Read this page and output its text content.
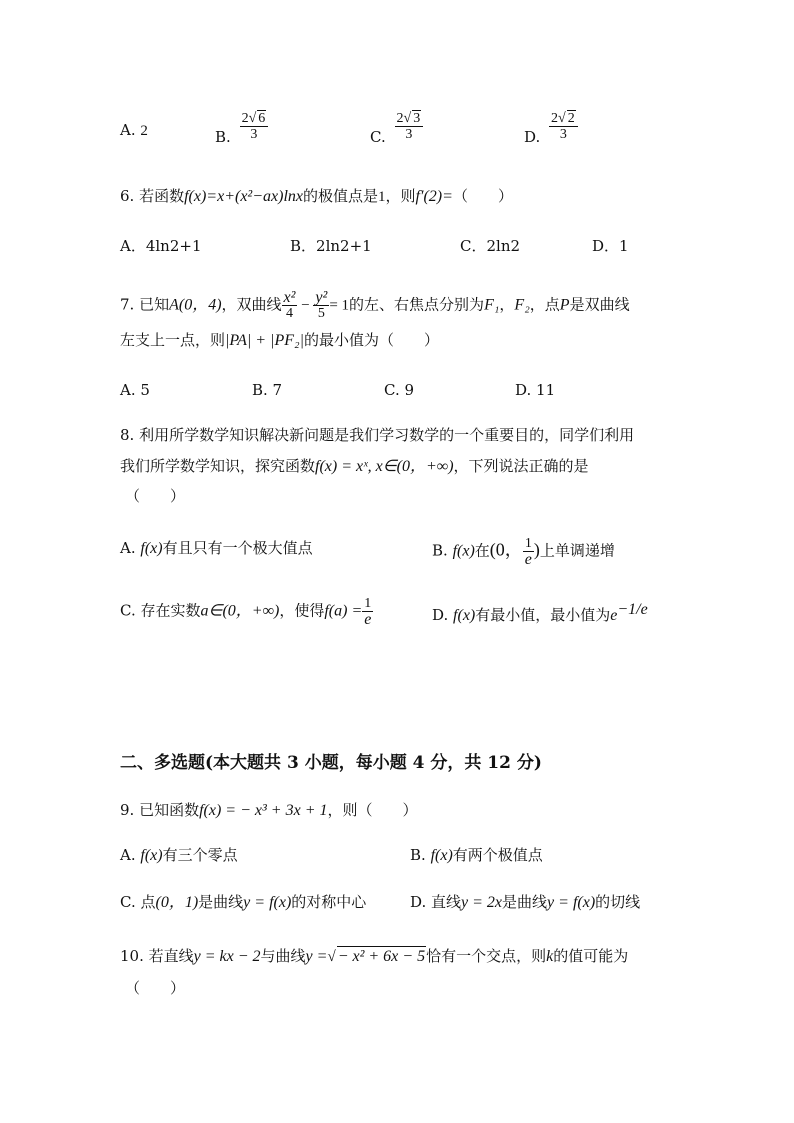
A. 2	B. $\frac{2√ 6}{3}$	C. $\frac{2√ 3}{3}$	D. $\frac{2√ 2}{3}$
6. 若函数f(x)=x+(x²−ax)lnx的极值点是1，则f′(2)=（　　）
A．4ln2+1	B．2ln2+1	C．2ln2	D．1
7. 已知A(0，4)，双曲线 $\frac{\text{x²}}{4} - \frac{\text{y²}}{5} = 1$的左、右焦点分别为F₁，F₂，点P是双曲线
左支上一点，则|PA| + |PF₂|的最小值为（　　）
A. 5	B. 7	C. 9	D. 11
8. 利用所学数学知识解决新问题是我们学习数学的一个重要目的，同学们利用
我们所学数学知识，探究函数f(x) = xˣ, x∈(0，+∞)，下列说法正确的是
（　　）
A. f(x)有且只有一个极大值点	B. f(x)在(0， $\frac{1}{e}$ )上单调递增
C. 存在实数a∈(0，+∞)，使得$f(a) = \frac{1}{e}$	D. f(x)有最小值，最小值为$e^{-1/e}$
二、多选题(本大题共 3 小题，每小题 4 分，共 12 分)
9. 已知函数f(x) = − x³ + 3x + 1，则（　　）
A. f(x)有三个零点	B. f(x)有两个极值点
C. 点(0，1)是曲线y = f(x)的对称中心	D. 直线y = 2x是曲线y = f(x)的切线
10. 若直线y = kx − 2与曲线y =√ − x² + 6x − 5恰有一个交点，则k的值可能为
（　　）
